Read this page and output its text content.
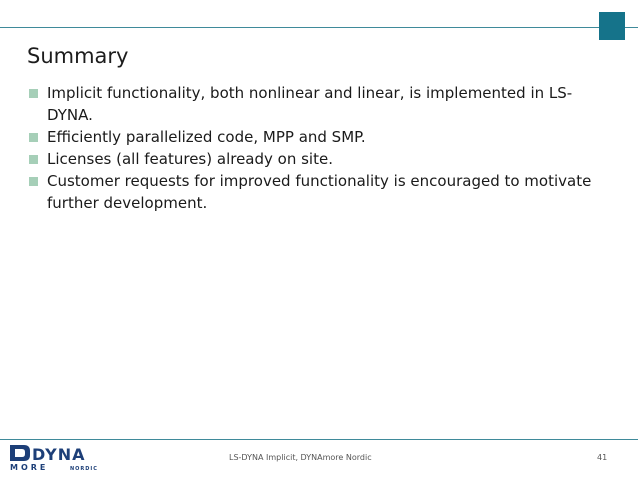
Summary
Implicit functionality, both nonlinear and linear, is implemented in LS-DYNA.
Efficiently parallelized code, MPP and SMP.
Licenses (all features) already on site.
Customer requests for improved functionality is encouraged to motivate further development.
DYNA
MORE	NORDIC
LS-DYNA Implicit, DYNAmore Nordic	41
